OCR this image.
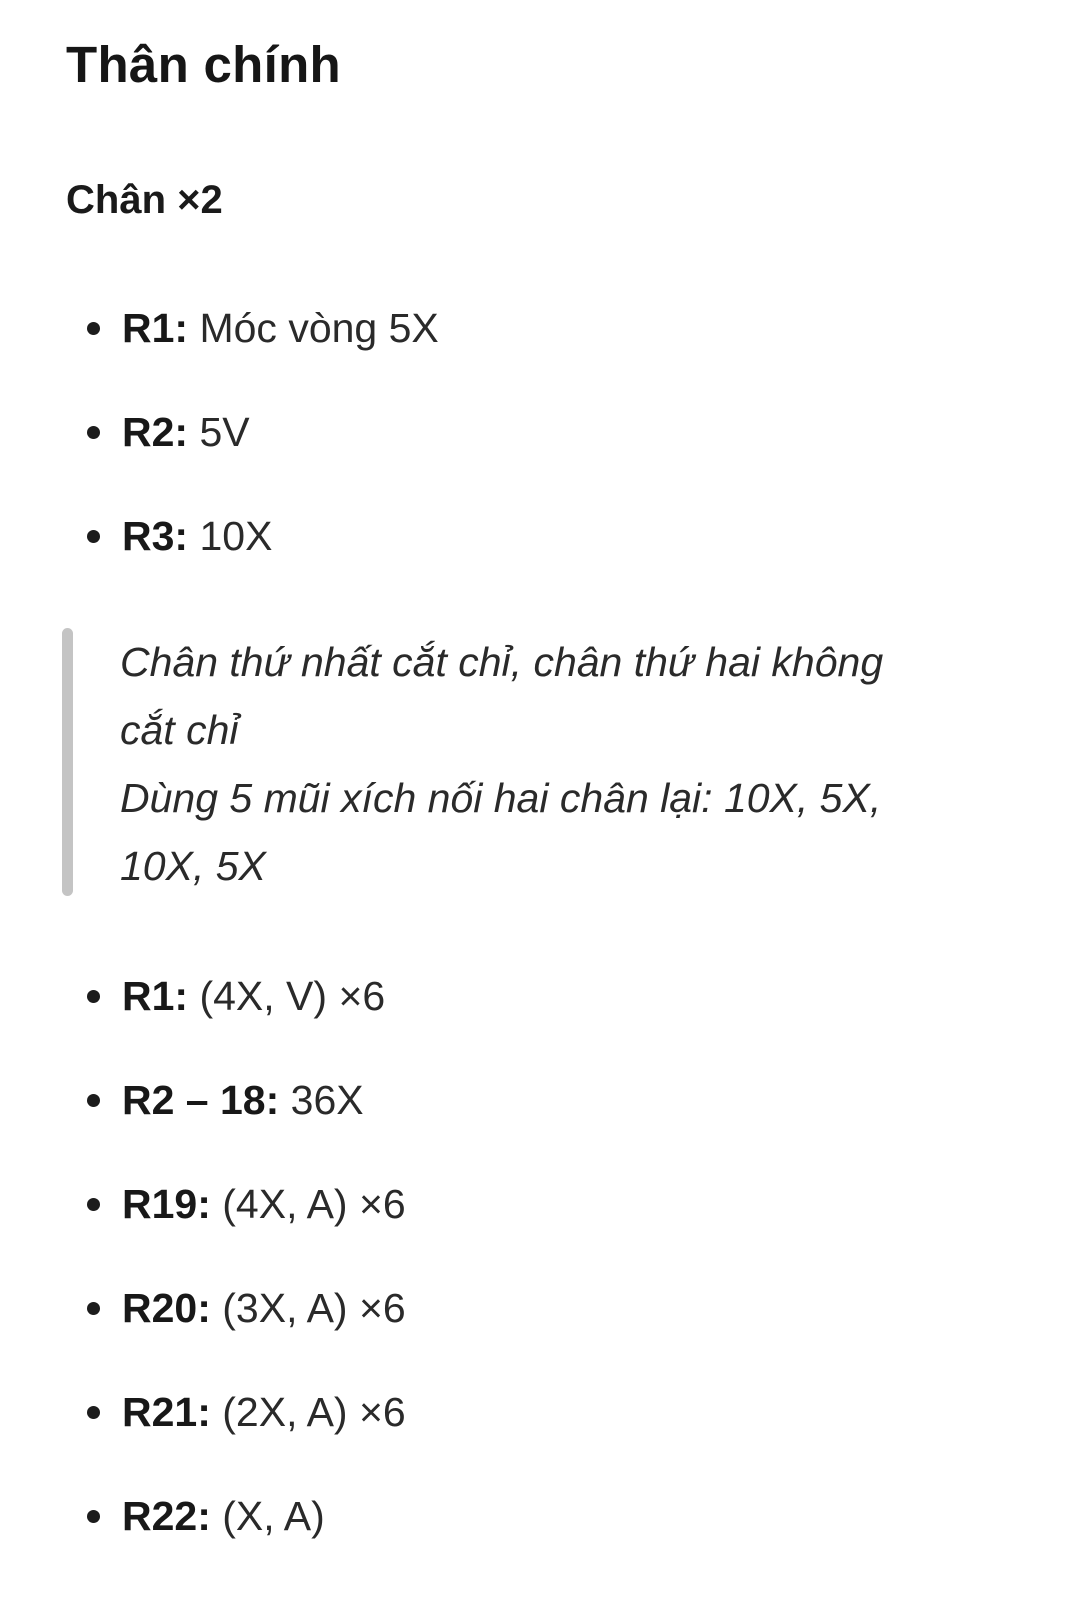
Thân chính
Chân ×2
R1: Móc vòng 5X
R2: 5V
R3: 10X

Chân thứ nhất cắt chỉ, chân thứ hai không
cắt chỉ
Dùng 5 mũi xích nối hai chân lại: 10X, 5X,
10X, 5X

R1: (4X, V) ×6
R2 – 18: 36X
R19: (4X, A) ×6
R20: (3X, A) ×6
R21: (2X, A) ×6
R22: (X, A)
